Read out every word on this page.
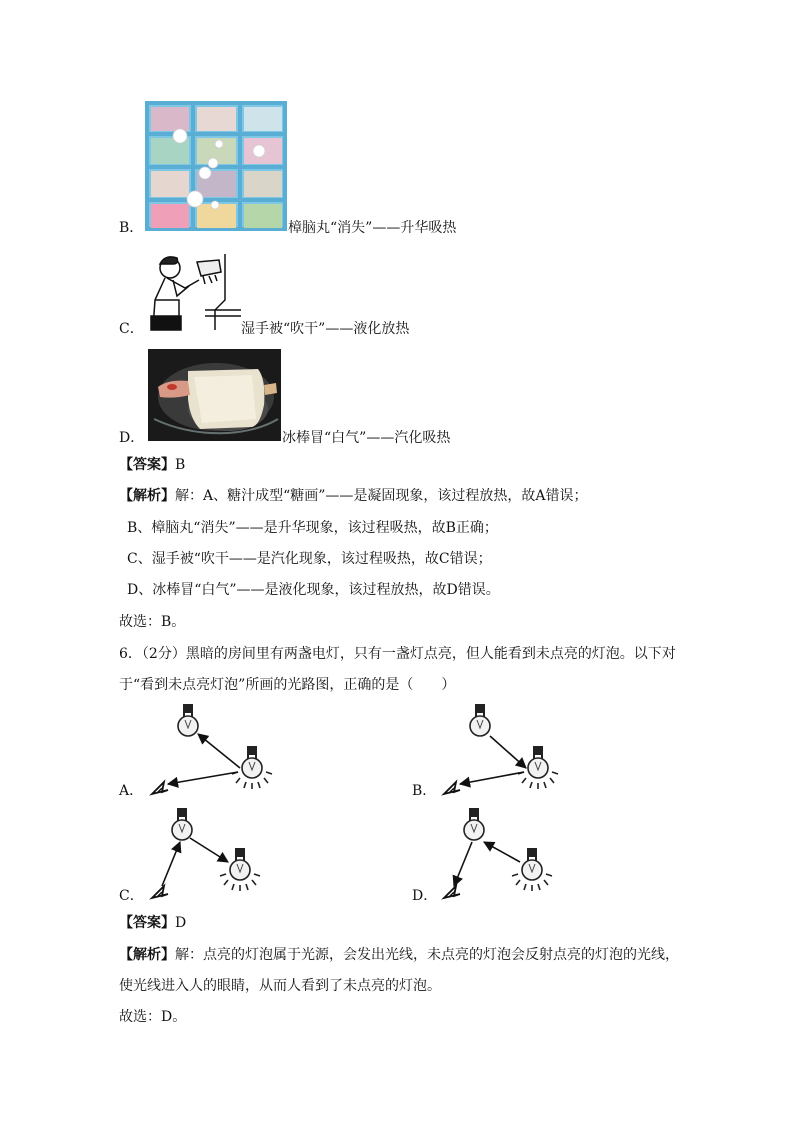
B．	樟脑丸“消失”——升华吸热
C．	湿手被“吹干”——液化放热
D．	冰棒冒“白气”——汽化吸热
【答案】B
【解析】解：A、糖汁成型“糖画”——是凝固现象，该过程放热，故A错误；
B、樟脑丸“消失”——是升华现象，该过程吸热，故B正确；
C、湿手被“吹干——是汽化现象，该过程吸热，故C错误；
D、冰棒冒“白气”——是液化现象，该过程放热，故D错误。
故选：B。
6．（2分）黑暗的房间里有两盏电灯，只有一盏灯点亮，但人能看到未点亮的灯泡。以下对
于“看到未点亮灯泡”所画的光路图，正确的是（　　）
A．	B．
C．	D．
【答案】D
【解析】解：点亮的灯泡属于光源，会发出光线，未点亮的灯泡会反射点亮的灯泡的光线，
使光线进入人的眼睛，从而人看到了未点亮的灯泡。
故选：D。
